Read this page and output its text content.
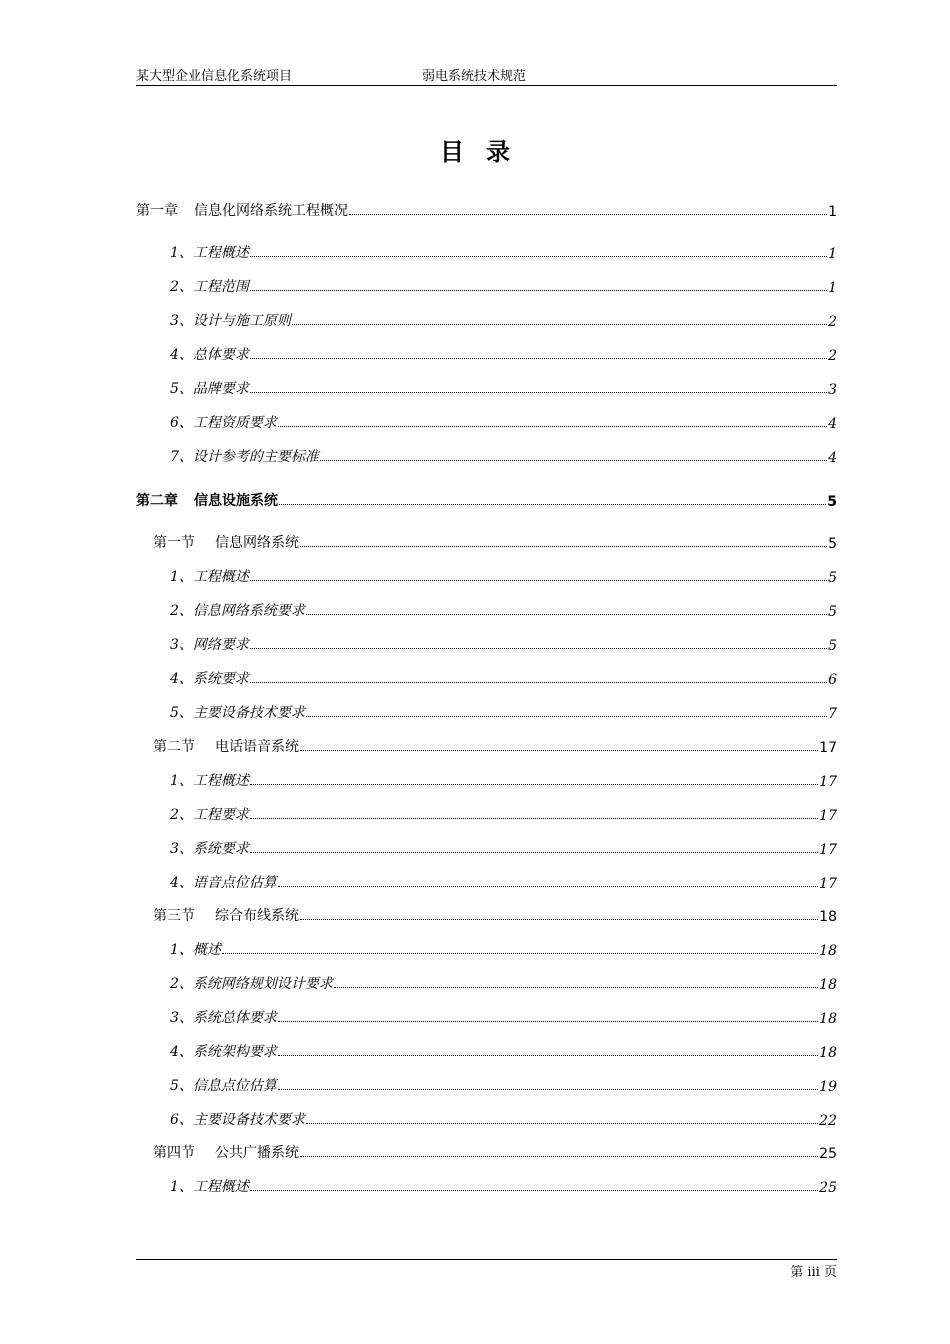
某大型企业信息化系统项目	弱电系统技术规范
目录
第一章 信息化网络系统工程概况	1
1、工程概述	1
2、工程范围	1
3、设计与施工原则	2
4、总体要求	2
5、品牌要求	3
6、工程资质要求	4
7、设计参考的主要标准	4
第二章 信息设施系统	5
第一节 信息网络系统	5
1、工程概述	5
2、信息网络系统要求	5
3、网络要求	5
4、系统要求	6
5、主要设备技术要求	7
第二节 电话语音系统	17
1、工程概述	17
2、工程要求	17
3、系统要求	17
4、语音点位估算	17
第三节 综合布线系统	18
1、概述	18
2、系统网络规划设计要求	18
3、系统总体要求	18
4、系统架构要求	18
5、信息点位估算	19
6、主要设备技术要求	22
第四节 公共广播系统	25
1、工程概述	25
第 iii 页
